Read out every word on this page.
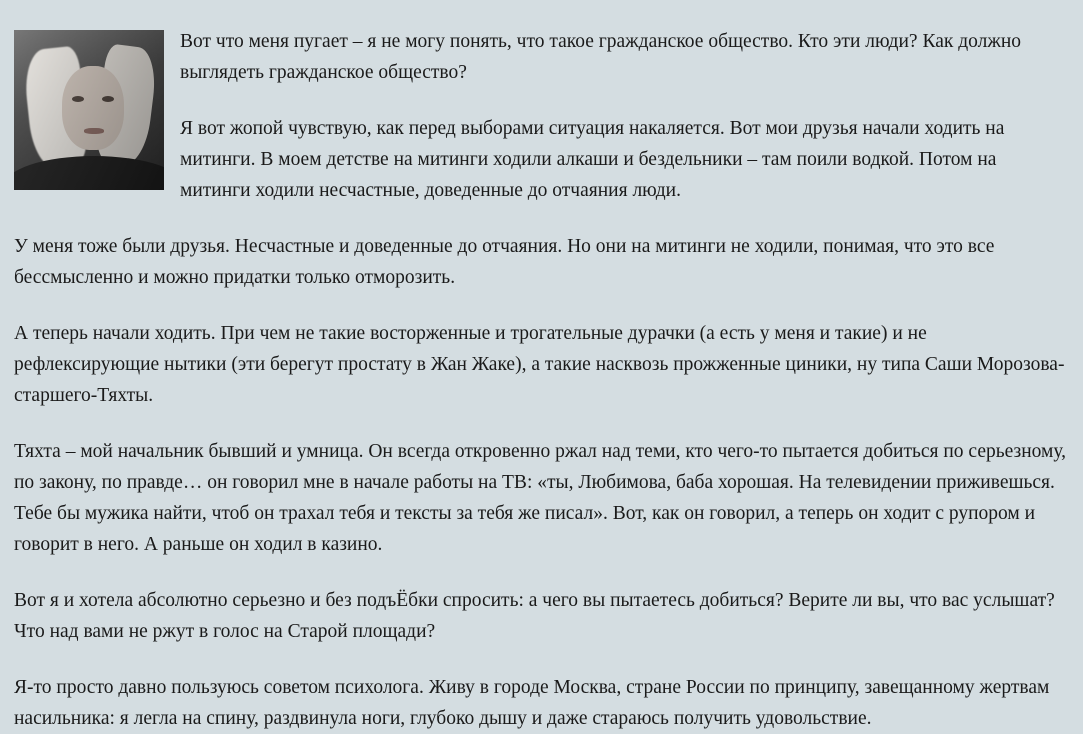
Вот что меня пугает – я не могу понять, что такое гражданское общество. Кто эти люди? Как должно выглядеть гражданское общество?

Я вот жопой чувствую, как перед выборами ситуация накаляется. Вот мои друзья начали ходить на митинги. В моем детстве на митинги ходили алкаши и бездельники – там поили водкой. Потом на митинги ходили несчастные, доведенные до отчаяния люди.

У меня тоже были друзья. Несчастные и доведенные до отчаяния. Но они на митинги не ходили, понимая, что это все бессмысленно и можно придатки только отморозить.

А теперь начали ходить. При чем не такие восторженные и трогательные дурачки (а есть у меня и такие) и не рефлексирующие нытики (эти берегут простату в Жан Жаке), а такие насквозь прожженные циники, ну типа Саши Морозова-старшего-Тяхты.

Тяхта – мой начальник бывший и умница. Он всегда откровенно ржал над теми, кто чего-то пытается добиться по серьезному, по закону, по правде… он говорил мне в начале работы на ТВ: «ты, Любимова, баба хорошая. На телевидении приживешься. Тебе бы мужика найти, чтоб он трахал тебя и тексты за тебя же писал». Вот, как он говорил, а теперь он ходит с рупором и говорит в него. А раньше он ходил в казино.

Вот я и хотела абсолютно серьезно и без подъЁбки спросить: а чего вы пытаетесь добиться? Верите ли вы, что вас услышат? Что над вами не ржут в голос на Старой площади?

Я-то просто давно пользуюсь советом психолога. Живу в городе Москва, стране России по принципу, завещанному жертвам насильника: я легла на спину, раздвинула ноги, глубоко дышу и даже стараюсь получить удовольствие.
